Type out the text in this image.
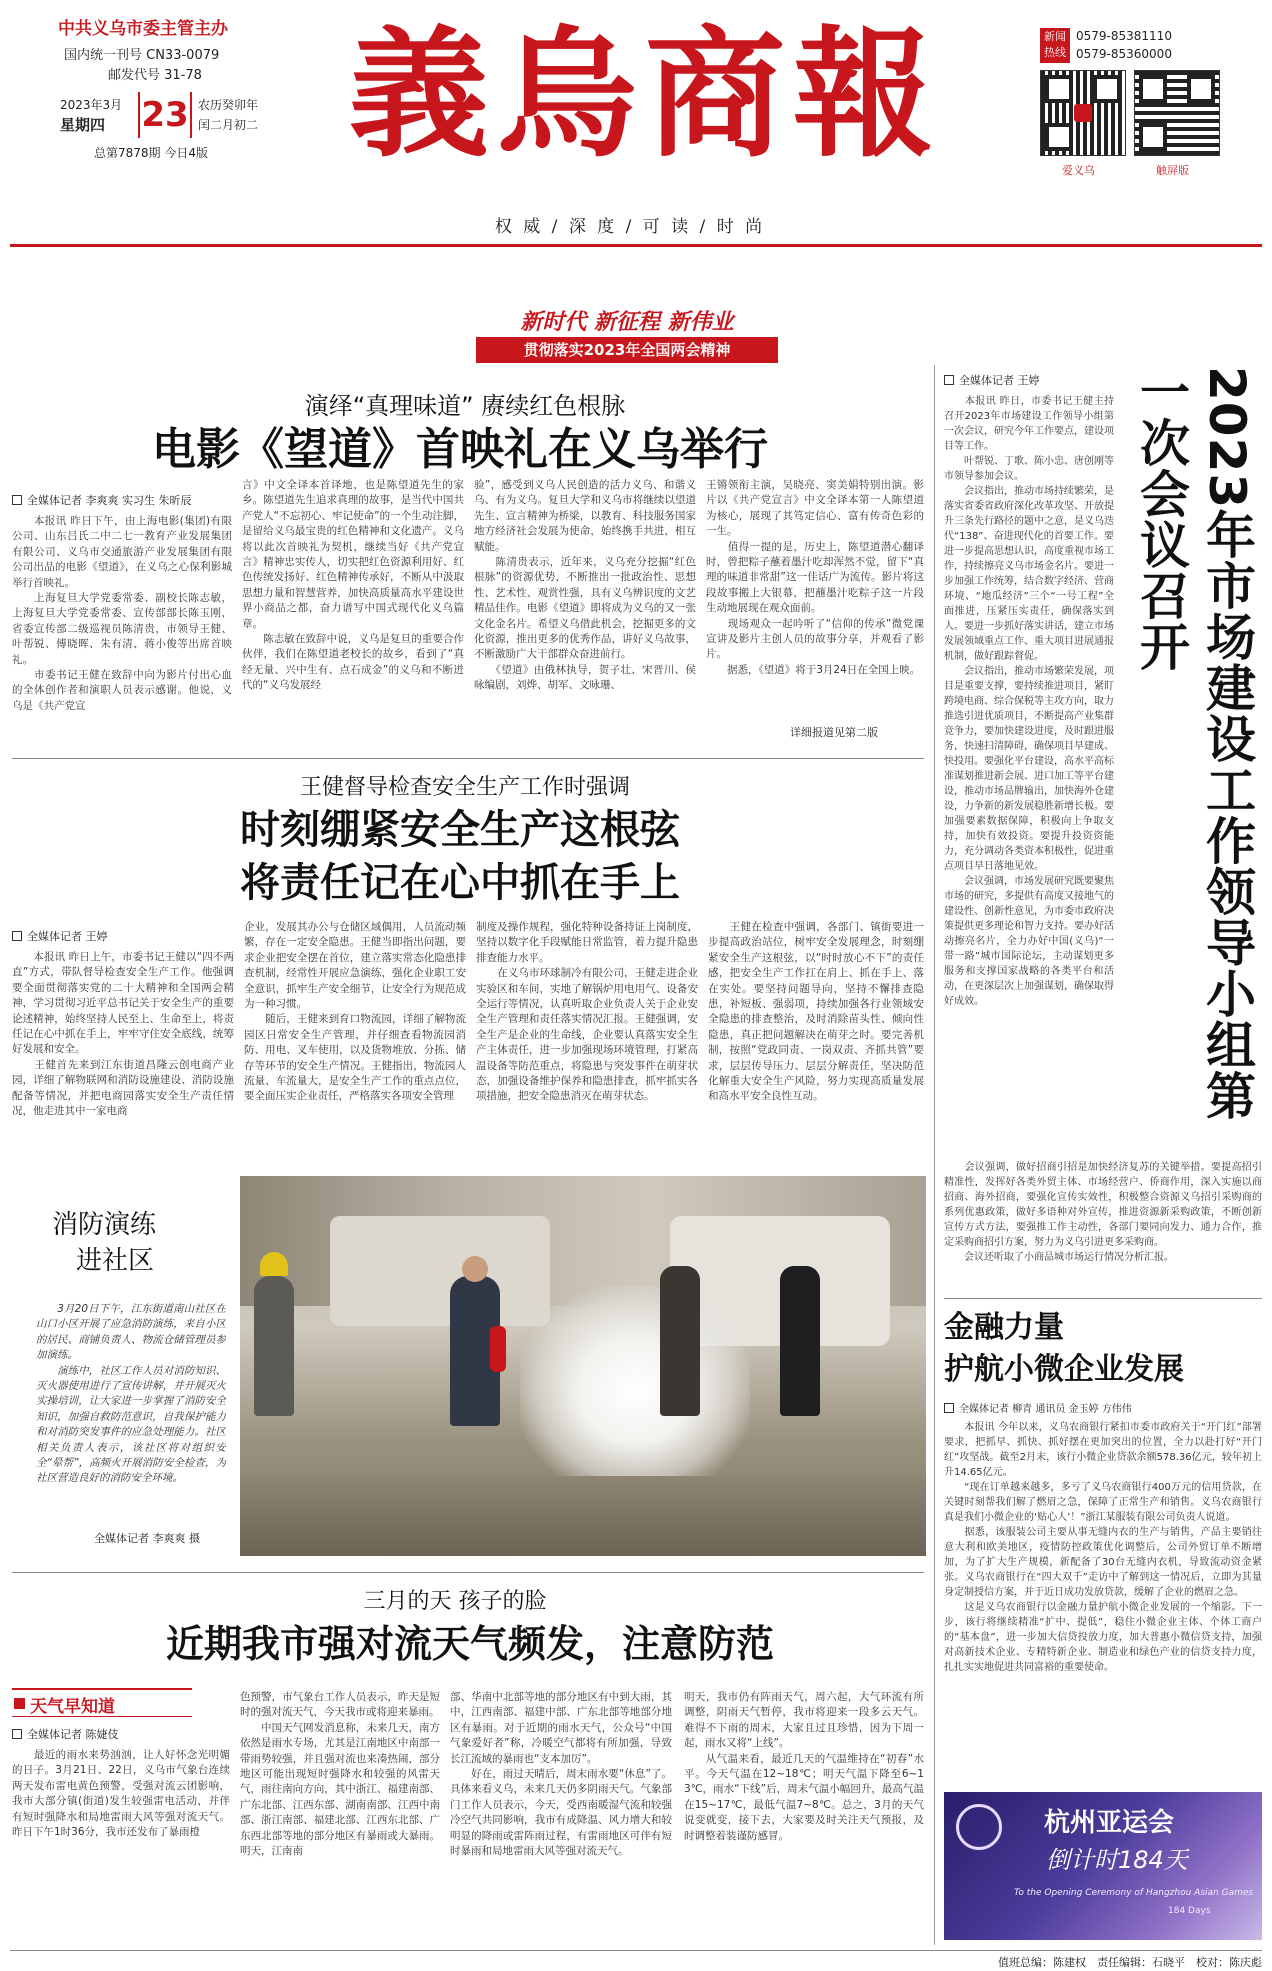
中共义乌市委主管主办
国内统一刊号 CN33-0079
邮发代号 31-78
2023年3月
星期四 23 农历癸卯年
闰二月初二
总第7878期 今日4版	義烏商報	新闻
热线
0579-85381110
0579-85360000
爱义乌	触屏版
权 威 / 深 度 / 可 读 / 时 尚
新时代 新征程 新伟业
贯彻落实2023年全国两会精神
演绎“真理味道” 赓续红色根脉
电影《望道》首映礼在义乌举行
全媒体记者 李爽爽 实习生 朱昕辰
　　本报讯 昨日下午，由上海电影(集团)有限公司、山东吕氏二中二七一教育产业发展集团有限公司、义乌市交通旅游产业发展集团有限公司出品的电影《望道》，在义乌之心保利影城举行首映礼。
　　上海复旦大学党委常委、副校长陈志敏，上海复旦大学党委常委、宣传部部长陈玉刚，省委宣传部二级巡视员陈清贵，市领导王健、叶帮锐、傅晓晖、朱有清、蒋小俊等出席首映礼。
　　市委书记王健在致辞中向为影片付出心血的全体创作者和演职人员表示感谢。他说，义乌是《共产党宣
言》中文全译本首译地，也是陈望道先生的家乡。陈望道先生追求真理的故事，是当代中国共产党人“不忘初心、牢记使命”的一个生动注脚，是留给义乌最宝贵的红色精神和文化遗产。义乌将以此次首映礼为契机，继续当好《共产党宣言》精神忠实传人，切实把红色资源利用好、红色传统发扬好、红色精神传承好，不断从中汲取思想力量和智慧营养，加快高质量高水平建设世界小商品之都，奋力谱写中国式现代化义乌篇章。
　　陈志敏在致辞中说，义乌是复旦的重要合作伙伴，我们在陈望道老校长的故乡，看到了“真经无量、兴中生有、点石成金”的义乌和不断迸代的“义乌发展经
验”，感受到义乌人民创造的活力义乌、和谐义乌、有为义乌。复旦大学和义乌市将继续以望道先生、宣言精神为桥梁，以教育、科技服务国家地方经济社会发展为使命，始终携手共进，相互赋能。
　　陈清贵表示，近年来，义乌充分挖掘“红色根脉”的资源优势，不断推出一批政治性、思想性、艺术性、观赏性强，具有义乌辨识度的文艺精品佳作。电影《望道》即将成为义乌的又一张文化金名片。希望义乌借此机会，挖掘更多的文化资源，推出更多的优秀作品，讲好义乌故事，不断激励广大干部群众奋进前行。
　　《望道》由俄林执导，贺子壮、宋晋川、侯咏编剧，刘烨、胡军、文咏珊、
王锵领衔主演，吴晓亮、窦美娟特别出演。影片以《共产党宣言》中文全译本第一人陈望道为核心，展现了其笃定信心、富有传奇色彩的一生。
　　值得一提的是，历史上，陈望道潜心翻译时，曾把粽子蘸着墨汁吃却浑然不觉，留下“真理的味道非常甜”这一佳话广为流传。影片将这段故事搬上大银幕，把蘸墨汁吃粽子这一片段生动地展现在观众面前。
　　现场观众一起吟听了“信仰的传承”微党课宣讲及影片主创人员的故事分享，并观看了影片。
　　据悉，《望道》将于3月24日在全国上映。
详细报道见第二版
王健督导检查安全生产工作时强调
时刻绷紧安全生产这根弦
将责任记在心中抓在手上
全媒体记者 王婷
　　本报讯 昨日上午，市委书记王健以“四不两直”方式，带队督导检查安全生产工作。他强调要全面贯彻落实党的二十大精神和全国两会精神，学习贯彻习近平总书记关于安全生产的重要论述精神，始终坚持人民至上、生命至上，将责任记在心中抓在手上，牢牢守住安全底线，统筹好发展和安全。
　　王健首先来到江东街道昌隆云创电商产业园，详细了解物联网和消防设施建设、消防设施配备等情况，并把电商园落实安全生产责任情况，他走进其中一家电商
企业，发展其办公与仓储区域偶用，人员流动频繁，存在一定安全隐患。王健当即指出问题，要求企业把安全摆在首位，建立落实常态化隐患排查机制，经常性开展应急演练，强化企业职工安全意识，抓牢生产安全细节，让安全行为规范成为一种习惯。
　　随后，王健来到育口物流园，详细了解物流园区日常安全生产管理，并仔细查看物流园消防、用电、叉车使用，以及货物堆放、分拣、储存等环节的安全生产情况。王健指出，物流园人流量、车流量大，是安全生产工作的重点点位，要全面压实企业责任，严格落实各项安全管理
制度及操作规程，强化特种设备持证上岗制度，坚持以数字化手段赋能日常监管，着力提升隐患排查能力水平。
　　在义乌市环球制冷有限公司，王健走进企业实验区和车间，实地了解锅炉用电用气、设备安全运行等情况，认真听取企业负责人关于企业安全生产管理和责任落实情况汇报。王健强调，安全生产是企业的生命线，企业要认真落实安全生产主体责任，进一步加强现场环境管理，打紧高温设备等防范重点，将隐患与突发事件在萌芽状态，加强设备维护保养和隐患排查，抓牢抓实各项措施，把安全隐患消灭在萌芽状态。
　　王健在检查中强调，各部门、镇街要进一步提高政治站位，树牢安全发展理念，时刻绷紧安全生产这根弦，以“时时放心不下”的责任感，把安全生产工作扛在肩上、抓在手上、落在实处。要坚持问题导向，坚持不懈排查隐患，补短板、强弱项，持续加强各行业领域安全隐患的排查整治，及时消除苗头性、倾向性隐患，真正把问题解决在萌芽之时。要完善机制，按照“党政同责、一岗双责、齐抓共管”要求，层层传导压力、层层分解责任，坚决防范化解重大安全生产风险，努力实现高质量发展和高水平安全良性互动。
消防演练
进社区
　　3月20日下午，江东街道南山社区在山口小区开展了应急消防演练，来自小区的居民、商铺负责人、物流仓储管理员参加演练。
　　演练中，社区工作人员对消防知识、灭火器使用进行了宣传讲解，并开展灭火实操培训，让大家进一步掌握了消防安全知识，加强自救防范意识，自我保护能力和对消防突发事件的应急处理能力。社区相关负责人表示，该社区将对组织安全“晕帮”，高频火开展消防安全检查，为社区营造良好的消防安全环境。
全媒体记者 李爽爽 摄
三月的天 孩子的脸
近期我市强对流天气频发，注意防范
天气早知道
全媒体记者 陈婕伎
　　最近的雨水来势汹汹，让人好怀念光明媚的日子。3月21日、22日，义乌市气象台连续两天发布雷电黄色预警，受强对流云团影响，我市大部分镇(街道)发生较强雷电活动，并伴有短时强降水和局地雷雨大风等强对流天气。昨日下午1时36分，我市还发布了暴雨橙
色预警，市气象台工作人员表示，昨天是短时的强对流天气，今天我市或将迎来暴雨。
　　中国天气网发消息称，未来几天，南方依然是雨水专场，尤其是江南地区中南部一带雨势较强，并且强对流也来凑热闹，部分地区可能出现短时强降水和较强的风雷天气，雨往南向方向，其中浙江、福建南部、广东北部、江西东部、湖南南部、江西中南部、浙江南部、福建北部、江西东北部、广东西北部等地的部分地区有暴雨或大暴雨。明天，江南南
部、华南中北部等地的部分地区有中到大雨，其中，江西南部、福建中部、广东北部等地部分地区有暴雨。对于近期的雨水天气，公众号“中国气象爱好者”称，冷暖空气都将有所加强，导致长江流域的暴雨也“支本加厉”。
　　好在，雨过天晴后，周末雨水要“休息”了。具体来看义乌，未来几天仍多阴雨天气。气象部门工作人员表示，今天，受西南暖湿气流和较强冷空气共同影响，我市有成降温、风力增大和较明显的降雨或雷阵雨过程，有雷雨地区可伴有短时暴雨和局地雷雨大风等强对流天气。
明天，我市仍有阵雨天气，周六起，大气环流有所调整，阴雨天气暂停，我市将迎来一段多云天气。难得不下雨的周末，大家且过且珍惜，因为下周一起，雨水又将“上线”。
　　从气温来看，最近几天的气温维持在“初春”水平。今天气温在12~18℃；明天气温下降至6~13℃，雨水“下线”后，周末气温小幅回升，最高气温在15~17℃，最低气温7~8℃。总之，3月的天气说变就变，接下去，大家要及时关注天气预报，及时调整着装谨防感冒。
全媒体记者 王婷	2023年市场建设工作领导小组第一次会议召开
　　本报讯 昨日，市委书记王健主持召开2023年市场建设工作领导小组第一次会议，研究今年工作要点，建设项目等工作。
　　叶帮锐、丁歌、陈小忠、唐创刚等市领导参加会议。
　　会议指出，推动市场持续繁荣，是落实省委省政府深化改革攻坚、开放提升三条先行路径的题中之意，是义乌迭代“138”、奋进现代化的首要工作。要进一步提高思想认识，高度重视市场工作，持续擦亮义乌市场金名片。要进一步加强工作统筹，结合数字经济、营商环境、“地瓜经济”三个“一号工程”全面推进，压紧压实责任，确保落实到人。要进一步抓好落实讲话，建立市场发展领域重点工作、重大项目进展通报机制，做好跟踪督促。
　　会议指出，推动市场繁荣发展，项目是重要支撑，要持续推进项目，紧盯跨境电商、综合保税等主攻方向，取力推选引进优质项目，不断提高产业集群竞争力，要加快建设进度，及时跟进服务，快速扫清障碍，确保项目早建成、快投用。要强化平台建设，高水平高标准谋划推进新会展、进口加工等平台建设，推动市场品牌输出，加快海外仓建设，力争新的新发展稳胜新增长极。要加强要素数据保障，积极向上争取支持，加快有效投资。要提升投资资能力，充分调动各类资本积极性，促进重点项目早日落地见效。
　　会议强调，市场发展研究既要聚焦市场的研究，多提供有高度又接地气的建设性、创新性意见，为市委市政府决策提供更多理论和智力支持。要办好活动擦亮名片，全力办好中国(义乌)“一带一路”城市国际论坛，主动谋划更多服务和支撑国家战略的各类平台和活动，在更深层次上加强谋划，确保取得好成效。
　　会议强调，做好招商引招是加快经济复苏的关键举措。要提高招引精准性，发挥好各类外贸主体、市场经营户、侨商作用，深入实施以商招商、海外招商，要强化宣传实效性，积极整合资源义乌招引采购商的系列优惠政策，做好多语种对外宣传，推进资源新采购政策，不断创新宣传方式方法，要强推工作主动性，各部门要同向发力、通力合作，推定采购商招引方案，努力为义乌引进更多采购商。
　　会议还听取了小商品城市场运行情况分析汇报。
金融力量
护航小微企业发展
全媒体记者 柳青 通讯员 金玉婷 方伟伟
　　本报讯 今年以来，义乌农商银行紧扣市委市政府关于“开门红”部署要求，把抓早、抓快、抓好摆在更加突出的位置，全力以赴打好“开门红”攻坚战。截至2月末，该行小微企业贷款余额578.36亿元，较年初上升14.65亿元。
　　“现在订单越来越多，多亏了义乌农商银行400万元的信用贷款，在关键时刻帮我们解了燃眉之急，保障了正常生产和销售。义乌农商银行真是我们小微企业的‘贴心人’！”浙江某服装有限公司负责人说道。
　　据悉，该服装公司主要从事无缝内衣的生产与销售，产品主要销往意大利和欧美地区，疫情防控政策优化调整后，公司外贸订单不断增加，为了扩大生产规模，新配备了30台无缝内衣机，导致流动资金紧张。义乌农商银行在“四大双千”走访中了解到这一情况后，立即为其量身定制授信方案，并于近日成功发放贷款，缓解了企业的燃眉之急。
　　这是义乌农商银行以金融力量护航小微企业发展的一个缩影。下一步，该行将继续精准“扩中、提低”，稳住小微企业主体、个体工商户的“基本盘”，进一步加大信贷投放力度，加大普惠小微信贷支持，加强对高新技术企业、专精特新企业、制造业和绿色产业的信贷支持力度，扎扎实实地促进共同富裕的重要使命。
杭州亚运会
倒计时184天
To the Opening Ceremony of Hangzhou Asian Games
184 Days
值班总编：陈建权　责任编辑：石晓平　校对：陈庆彪
